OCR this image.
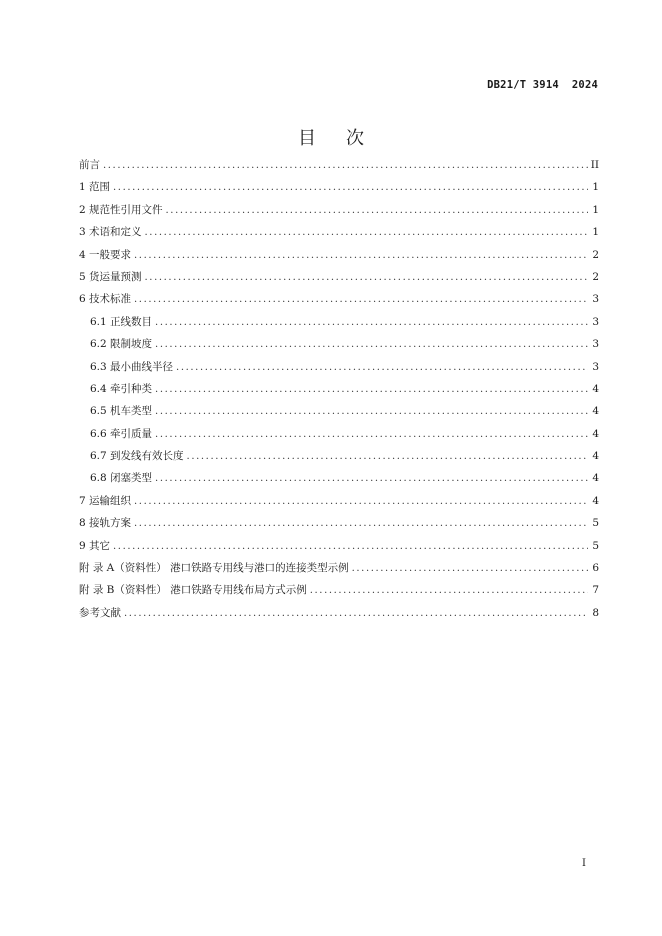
DB21/T 3914  2024
目次
前言 .....	II
1 范围 .....	1
2 规范性引用文件 .....	1
3 术语和定义 .....	1
4 一般要求 .....	2
5 货运量预测 .....	2
6 技术标准 .....	3
6.1 正线数目 .....	3
6.2 限制坡度 .....	3
6.3 最小曲线半径 .....	3
6.4 牵引种类 .....	4
6.5 机车类型 .....	4
6.6 牵引质量 .....	4
6.7 到发线有效长度 .....	4
6.8 闭塞类型 .....	4
7 运输组织 .....	4
8 接轨方案 .....	5
9 其它 .....	5
附 录 A（资料性） 港口铁路专用线与港口的连接类型示例 .....	6
附 录 B（资料性） 港口铁路专用线布局方式示例 .....	7
参考文献 .....	8
I
